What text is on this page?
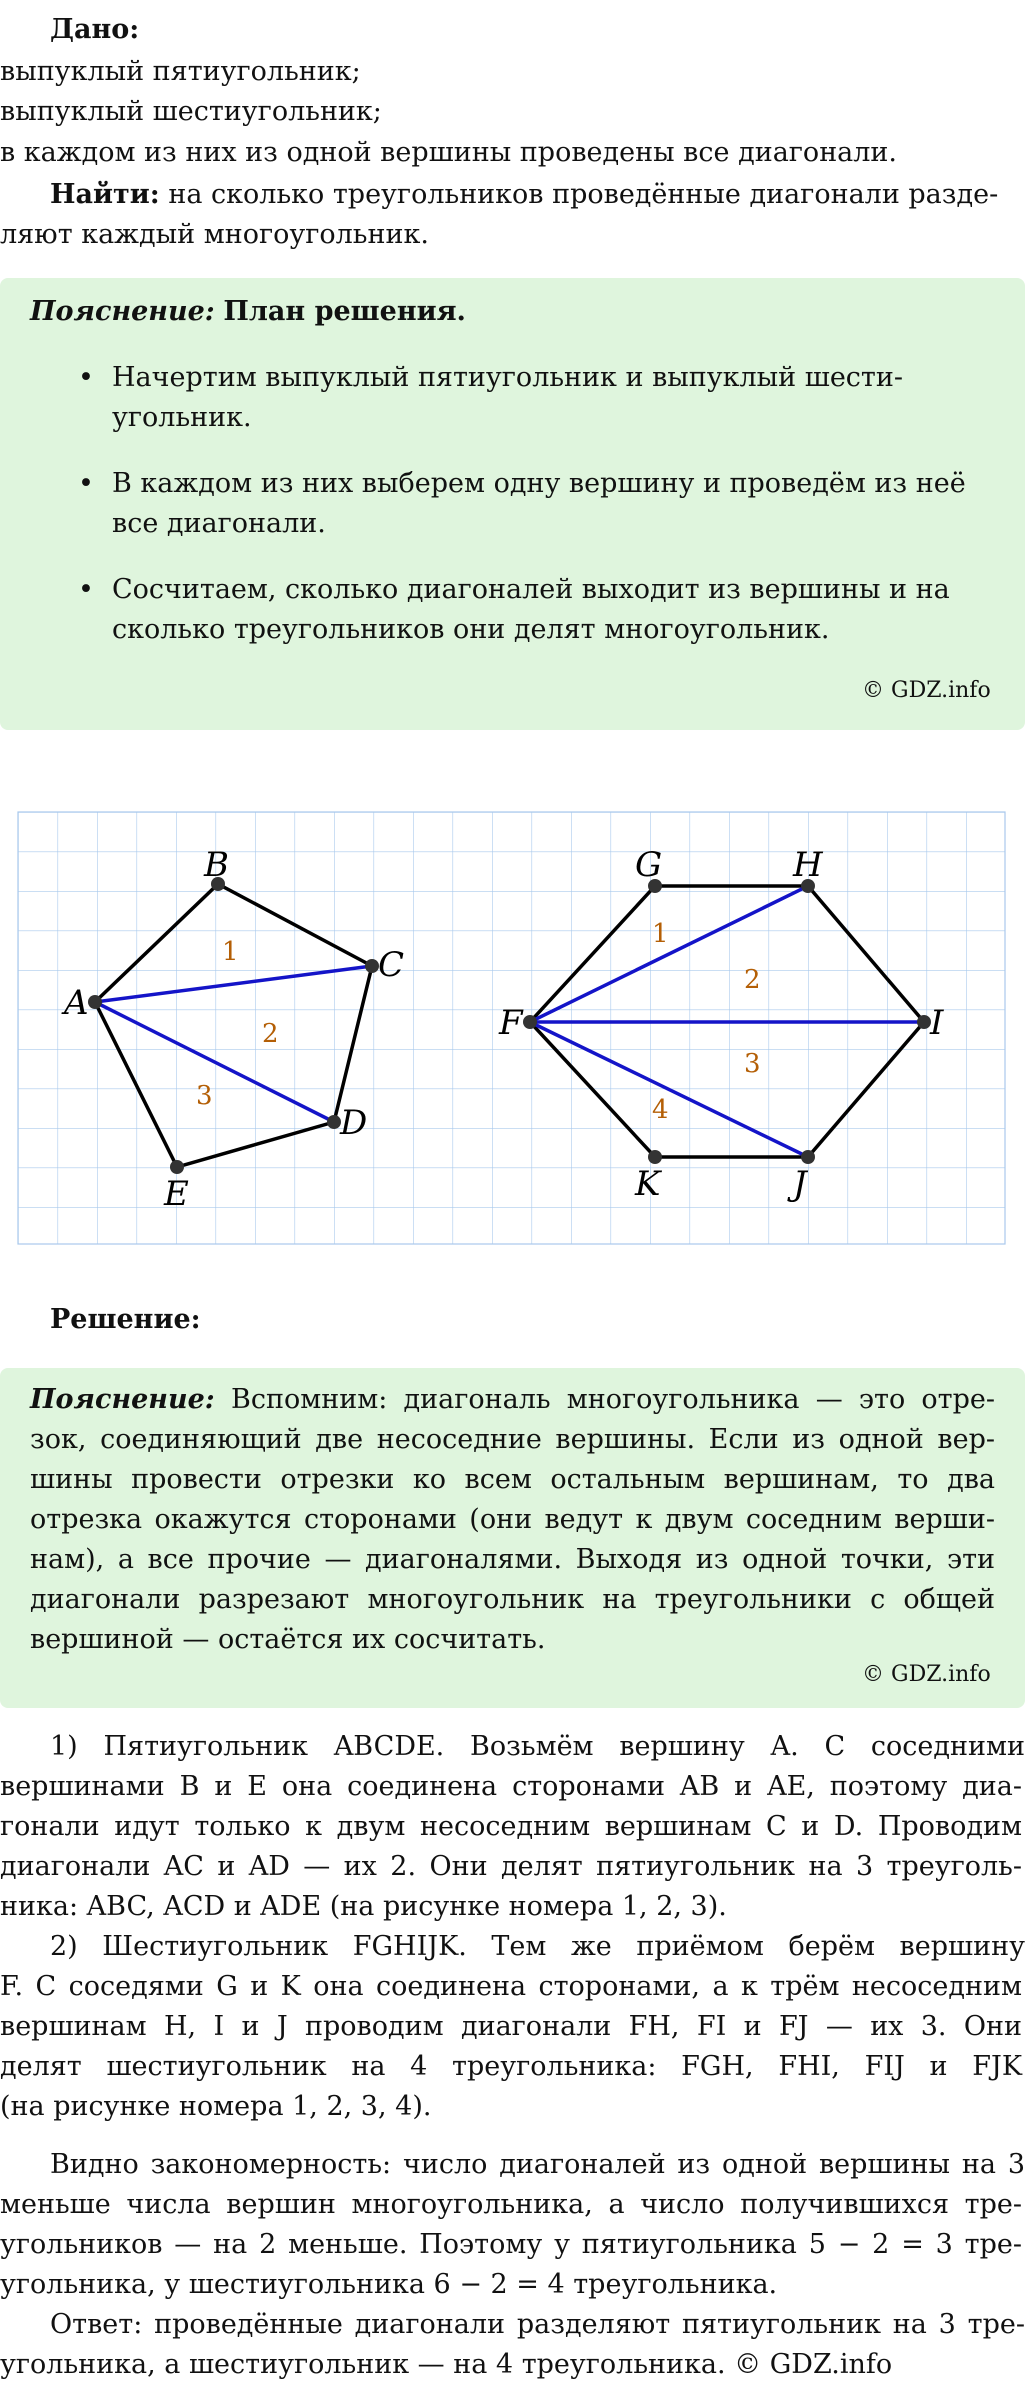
Дано:
выпуклый пятиугольник;
выпуклый шестиугольник;
в каждом из них из одной вершины проведены все диагонали.
Найти: на сколько треугольников проведённые диагонали разде-
ляют каждый многоугольник.
Пояснение: План решения.
• Начертим выпуклый пятиугольник и выпуклый шести-
угольник.
• В каждом из них выберем одну вершину и проведём из неё
все диагонали.
• Сосчитаем, сколько диагоналей выходит из вершины и на
сколько треугольников они делят многоугольник.
© GDZ.info
A
B
C
D
E
1
2
3
F
G	H
I
J
K
1
2
3
4
Решение:
Пояснение: Вспомним: диагональ многоугольника — это отре-
зок, соединяющий две несоседние вершины. Если из одной вер-
шины провести отрезки ко всем остальным вершинам, то два
отрезка окажутся сторонами (они ведут к двум соседним верши-
нам), а все прочие — диагоналями. Выходя из одной точки, эти
диагонали разрезают многоугольник на треугольники с общей
вершиной — остаётся их сосчитать.
© GDZ.info
1) Пятиугольник ABCDE. Возьмём вершину A. С соседними
вершинами B и E она соединена сторонами AB и AE, поэтому диа-
гонали идут только к двум несоседним вершинам C и D. Проводим
диагонали AC и AD — их 2. Они делят пятиугольник на 3 треуголь-
ника: ABC, ACD и ADE (на рисунке номера 1, 2, 3).
2) Шестиугольник FGHIJK. Тем же приёмом берём вершину
F. С соседями G и K она соединена сторонами, а к трём несоседним
вершинам H, I и J проводим диагонали FH, FI и FJ — их 3. Они
делят шестиугольник на 4 треугольника: FGH, FHI, FIJ и FJK
(на рисунке номера 1, 2, 3, 4).
Видно закономерность: число диагоналей из одной вершины на 3
меньше числа вершин многоугольника, а число получившихся тре-
угольников — на 2 меньше. Поэтому у пятиугольника 5 − 2 = 3 тре-
угольника, у шестиугольника 6 − 2 = 4 треугольника.
Ответ: проведённые диагонали разделяют пятиугольник на 3 тре-
угольника, а шестиугольник — на 4 треугольника. © GDZ.info
